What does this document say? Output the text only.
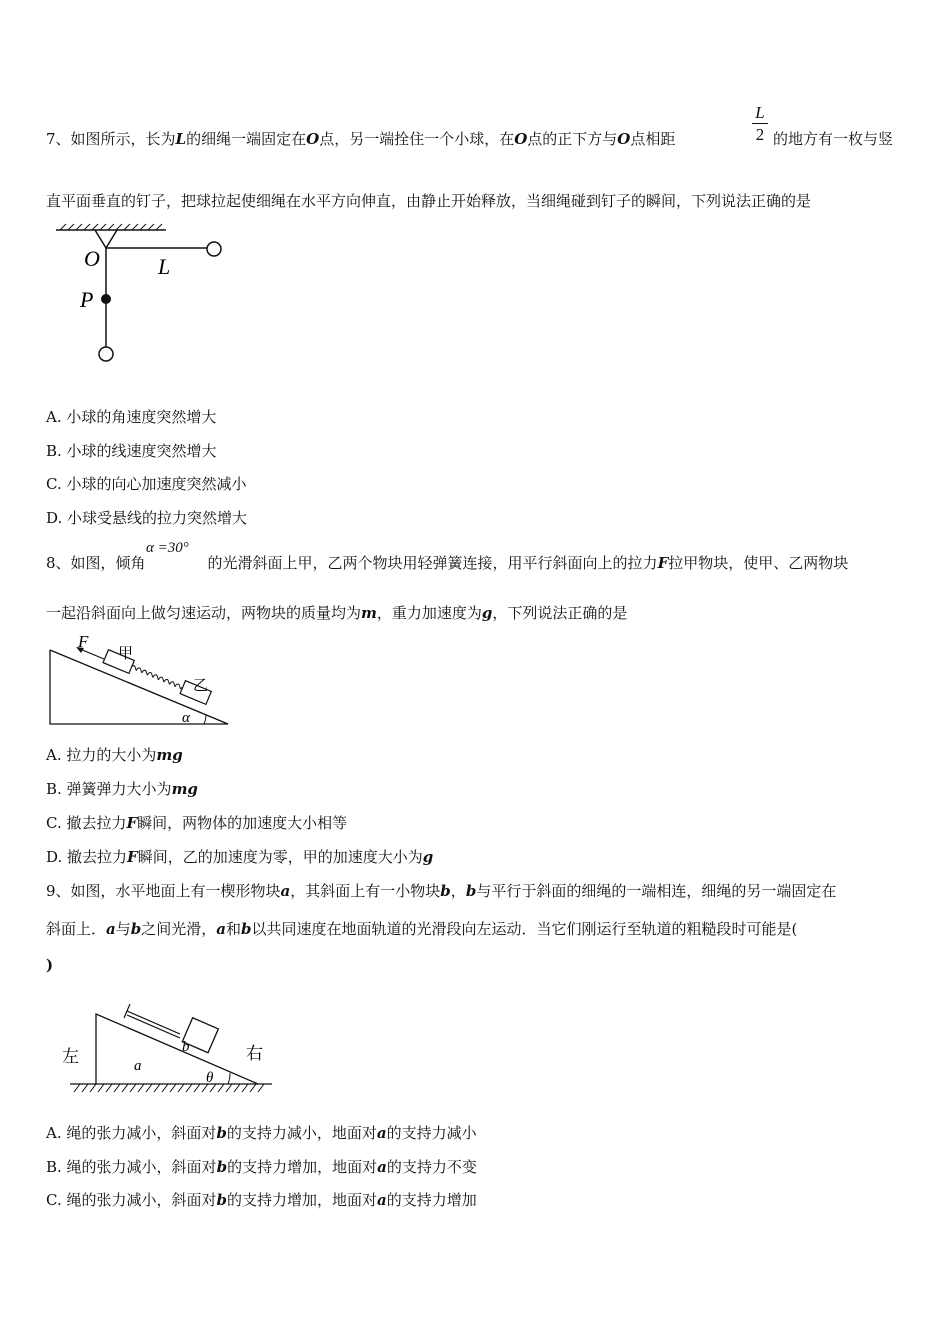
7、如图所示，长为L的细绳一端固定在O点，另一端拴住一个小球，在O点的正下方与O点相距
L
2 的地方有一枚与竖
直平面垂直的钉子，把球拉起使细绳在水平方向伸直，由静止开始释放，当细绳碰到钉子的瞬间，下列说法正确的是
O	L
P
A. 小球的角速度突然增大
B. 小球的线速度突然增大
C. 小球的向心加速度突然减小
D. 小球受悬线的拉力突然增大
8、如图，倾角	的光滑斜面上甲，乙两个物块用轻弹簧连接，用平行斜面向上的拉力F拉甲物块，使甲、乙两物块
α =30°
一起沿斜面向上做匀速运动，两物块的质量均为m，重力加速度为g，下列说法正确的是
F
甲
乙
α
A. 拉力的大小为mg
B. 弹簧弹力大小为mg
C. 撤去拉力F瞬间，两物体的加速度大小相等
D. 撤去拉力F瞬间，乙的加速度为零，甲的加速度大小为g
9、如图，水平地面上有一楔形物块a，其斜面上有一小物块b，b与平行于斜面的细绳的一端相连，细绳的另一端固定在
斜面上．a与b之间光滑，a和b以共同速度在地面轨道的光滑段向左运动．当它们刚运行至轨道的粗糙段时可能是(
)
b
a
θ
左	右
A. 绳的张力减小，斜面对b的支持力减小，地面对a的支持力减小
B. 绳的张力减小，斜面对b的支持力增加，地面对a的支持力不变
C. 绳的张力减小，斜面对b的支持力增加，地面对a的支持力增加
